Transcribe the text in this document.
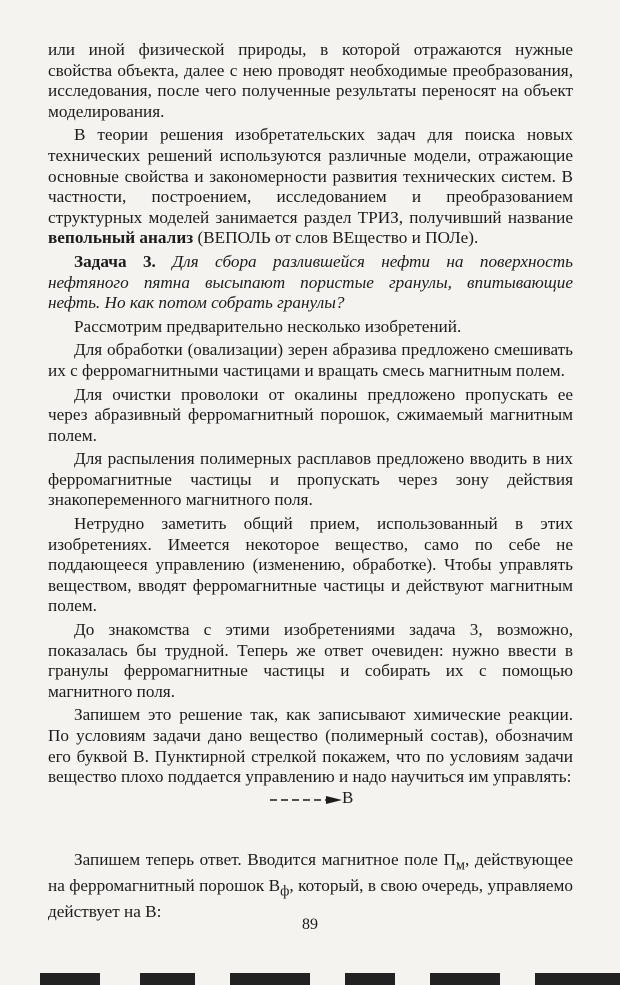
или иной физической природы, в которой отражаются нужные свойства объекта, далее с нею проводят необходимые преобразования, исследования, после чего полученные результаты переносят на объект моделирования.

В теории решения изобретательских задач для поиска новых технических решений используются различные модели, отражающие основные свойства и закономерности развития технических систем. В частности, построением, исследованием и преобразованием структурных моделей занимается раздел ТРИЗ, получивший название вепольный анализ (ВЕПОЛЬ от слов ВЕщество и ПОЛе).

Задача 3. Для сбора разлившейся нефти на поверхность нефтяного пятна высыпают пористые гранулы, впитывающие нефть. Но как потом собрать гранулы?

Рассмотрим предварительно несколько изобретений.

Для обработки (овализации) зерен абразива предложено смешивать их с ферромагнитными частицами и вращать смесь магнитным полем.

Для очистки проволоки от окалины предложено пропускать ее через абразивный ферромагнитный порошок, сжимаемый магнитным полем.

Для распыления полимерных расплавов предложено вводить в них ферромагнитные частицы и пропускать через зону действия знакопеременного магнитного поля.

Нетрудно заметить общий прием, использованный в этих изобретениях. Имеется некоторое вещество, само по себе не поддающееся управлению (изменению, обработке). Чтобы управлять веществом, вводят ферромагнитные частицы и действуют магнитным полем.

До знакомства с этими изобретениями задача 3, возможно, показалась бы трудной. Теперь же ответ очевиден: нужно ввести в гранулы ферромагнитные частицы и собирать их с помощью магнитного поля.

Запишем это решение так, как записывают химические реакции. По условиям задачи дано вещество (полимерный состав), обозначим его буквой В. Пунктирной стрелкой покажем, что по условиям задачи вещество плохо поддается управлению и надо научиться им управлять:

В

Запишем теперь ответ. Вводится магнитное поле $П_м$, действующее на ферромагнитный порошок $В_ф$, который, в свою очередь, управляемо действует на В:

89
